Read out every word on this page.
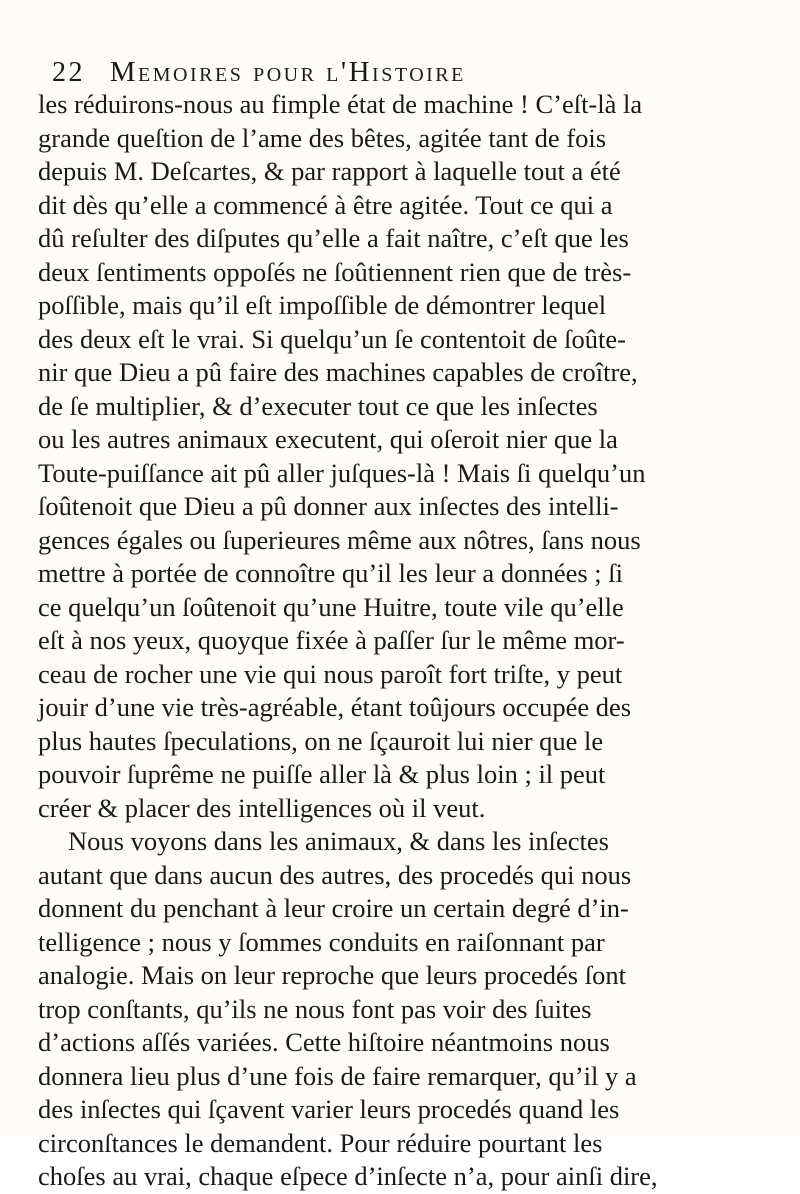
22 Memoires pour l'Histoire
les réduirons-nous au fimple état de machine ! C’eſt-là la
grande queſtion de l’ame des bêtes, agitée tant de fois
depuis M. Deſcartes, & par rapport à laquelle tout a été
dit dès qu’elle a commencé à être agitée. Tout ce qui a
dû reſulter des diſputes qu’elle a fait naître, c’eſt que les
deux ſentiments oppoſés ne ſoûtiennent rien que de très-
poſſible, mais qu’il eſt impoſſible de démontrer lequel
des deux eſt le vrai. Si quelqu’un ſe contentoit de ſoûte-
nir que Dieu a pû faire des machines capables de croître,
de ſe multiplier, & d’executer tout ce que les inſectes
ou les autres animaux executent, qui oſeroit nier que la
Toute-puiſſance ait pû aller juſques-là ! Mais ſi quelqu’un
ſoûtenoit que Dieu a pû donner aux inſectes des intelli-
gences égales ou ſuperieures même aux nôtres, ſans nous
mettre à portée de connoître qu’il les leur a données ; ſi
ce quelqu’un ſoûtenoit qu’une Huitre, toute vile qu’elle
eſt à nos yeux, quoyque fixée à paſſer ſur le même mor-
ceau de rocher une vie qui nous paroît fort triſte, y peut
jouir d’une vie très-agréable, étant toûjours occupée des
plus hautes ſpeculations, on ne ſçauroit lui nier que le
pouvoir ſuprême ne puiſſe aller là & plus loin ; il peut
créer & placer des intelligences où il veut.
Nous voyons dans les animaux, & dans les inſectes
autant que dans aucun des autres, des procedés qui nous
donnent du penchant à leur croire un certain degré d’in-
telligence ; nous y ſommes conduits en raiſonnant par
analogie. Mais on leur reproche que leurs procedés ſont
trop conſtants, qu’ils ne nous font pas voir des ſuites
d’actions aſſés variées. Cette hiſtoire néantmoins nous
donnera lieu plus d’une fois de faire remarquer, qu’il y a
des inſectes qui ſçavent varier leurs procedés quand les
circonſtances le demandent. Pour réduire pourtant les
choſes au vrai, chaque eſpece d’inſecte n’a, pour ainſi dire,
